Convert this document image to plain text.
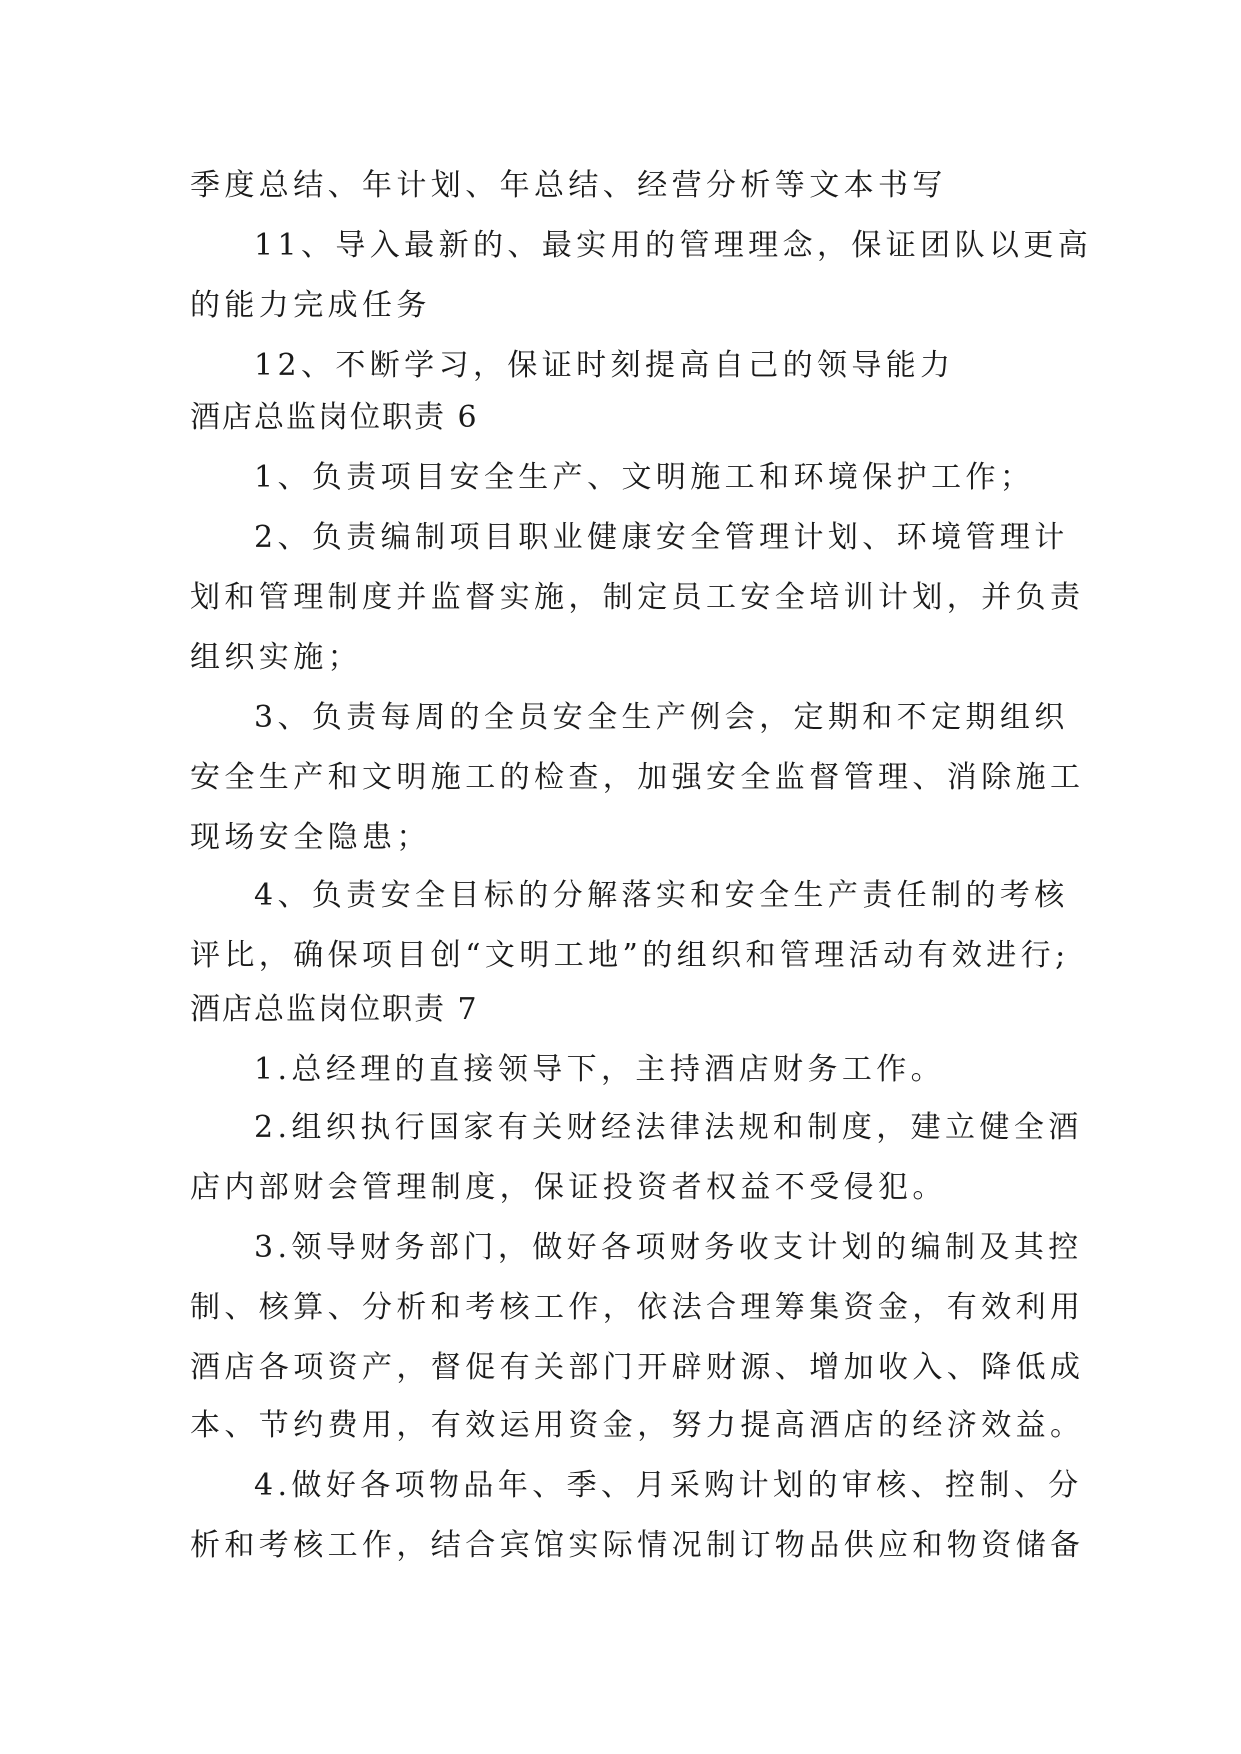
季度总结、年计划、年总结、经营分析等文本书写
11、导入最新的、最实用的管理理念，保证团队以更高
的能力完成任务
12、不断学习，保证时刻提高自己的领导能力
酒店总监岗位职责 6
1、负责项目安全生产、文明施工和环境保护工作；
2、负责编制项目职业健康安全管理计划、环境管理计
划和管理制度并监督实施，制定员工安全培训计划，并负责
组织实施；
3、负责每周的全员安全生产例会，定期和不定期组织
安全生产和文明施工的检查，加强安全监督管理、消除施工
现场安全隐患；
4、负责安全目标的分解落实和安全生产责任制的考核
评比，确保项目创“文明工地”的组织和管理活动有效进行;
酒店总监岗位职责 7
1.总经理的直接领导下，主持酒店财务工作。
2.组织执行国家有关财经法律法规和制度，建立健全酒
店内部财会管理制度，保证投资者权益不受侵犯。
3.领导财务部门，做好各项财务收支计划的编制及其控
制、核算、分析和考核工作，依法合理筹集资金，有效利用
酒店各项资产，督促有关部门开辟财源、增加收入、降低成
本、节约费用，有效运用资金，努力提高酒店的经济效益。
4.做好各项物品年、季、月采购计划的审核、控制、分
析和考核工作，结合宾馆实际情况制订物品供应和物资储备
